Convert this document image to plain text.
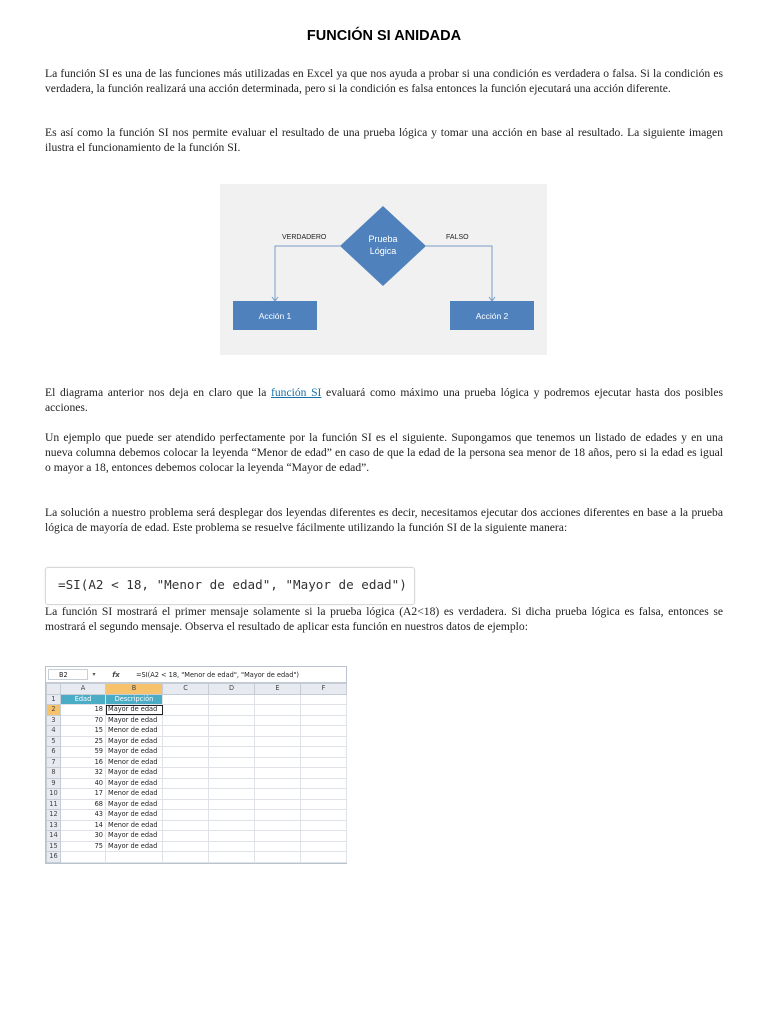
FUNCIÓN SI ANIDADA

La función SI es una de las funciones más utilizadas en Excel ya que nos ayuda a probar si una condición es verdadera o falsa. Si la condición es verdadera, la función realizará una acción determinada, pero si la condición es falsa entonces la función ejecutará una acción diferente.

Es así como la función SI nos permite evaluar el resultado de una prueba lógica y tomar una acción en base al resultado. La siguiente imagen ilustra el funcionamiento de la función SI.

Prueba
Lógica
VERDADERO	FALSO
Acción 1	Acción 2

El diagrama anterior nos deja en claro que la función SI evaluará como máximo una prueba lógica y podremos ejecutar hasta dos posibles acciones.

Un ejemplo que puede ser atendido perfectamente por la función SI es el siguiente. Supongamos que tenemos un listado de edades y en una nueva columna debemos colocar la leyenda “Menor de edad” en caso de que la edad de la persona sea menor de 18 años, pero si la edad es igual o mayor a 18, entonces debemos colocar la leyenda “Mayor de edad”.

La solución a nuestro problema será desplegar dos leyendas diferentes es decir, necesitamos ejecutar dos acciones diferentes en base a la prueba lógica de mayoría de edad. Este problema se resuelve fácilmente utilizando la función SI de la siguiente manera:

=SI(A2 < 18, "Menor de edad", "Mayor de edad")

La función SI mostrará el primer mensaje solamente si la prueba lógica (A2<18) es verdadera. Si dicha prueba lógica es falsa, entonces se mostrará el segundo mensaje. Observa el resultado de aplicar esta función en nuestros datos de ejemplo:

B2	▾	fx	=SI(A2 < 18, "Menor de edad", "Mayor de edad")
	A	B	C	D	E	F
1	Edad	Descripción				
2	18	Mayor de edad				
3	70	Mayor de edad				
4	15	Menor de edad				
5	25	Mayor de edad				
6	59	Mayor de edad				
7	16	Menor de edad				
8	32	Mayor de edad				
9	40	Mayor de edad				
10	17	Menor de edad				
11	68	Mayor de edad				
12	43	Mayor de edad				
13	14	Menor de edad				
14	30	Mayor de edad				
15	75	Mayor de edad				
16						
